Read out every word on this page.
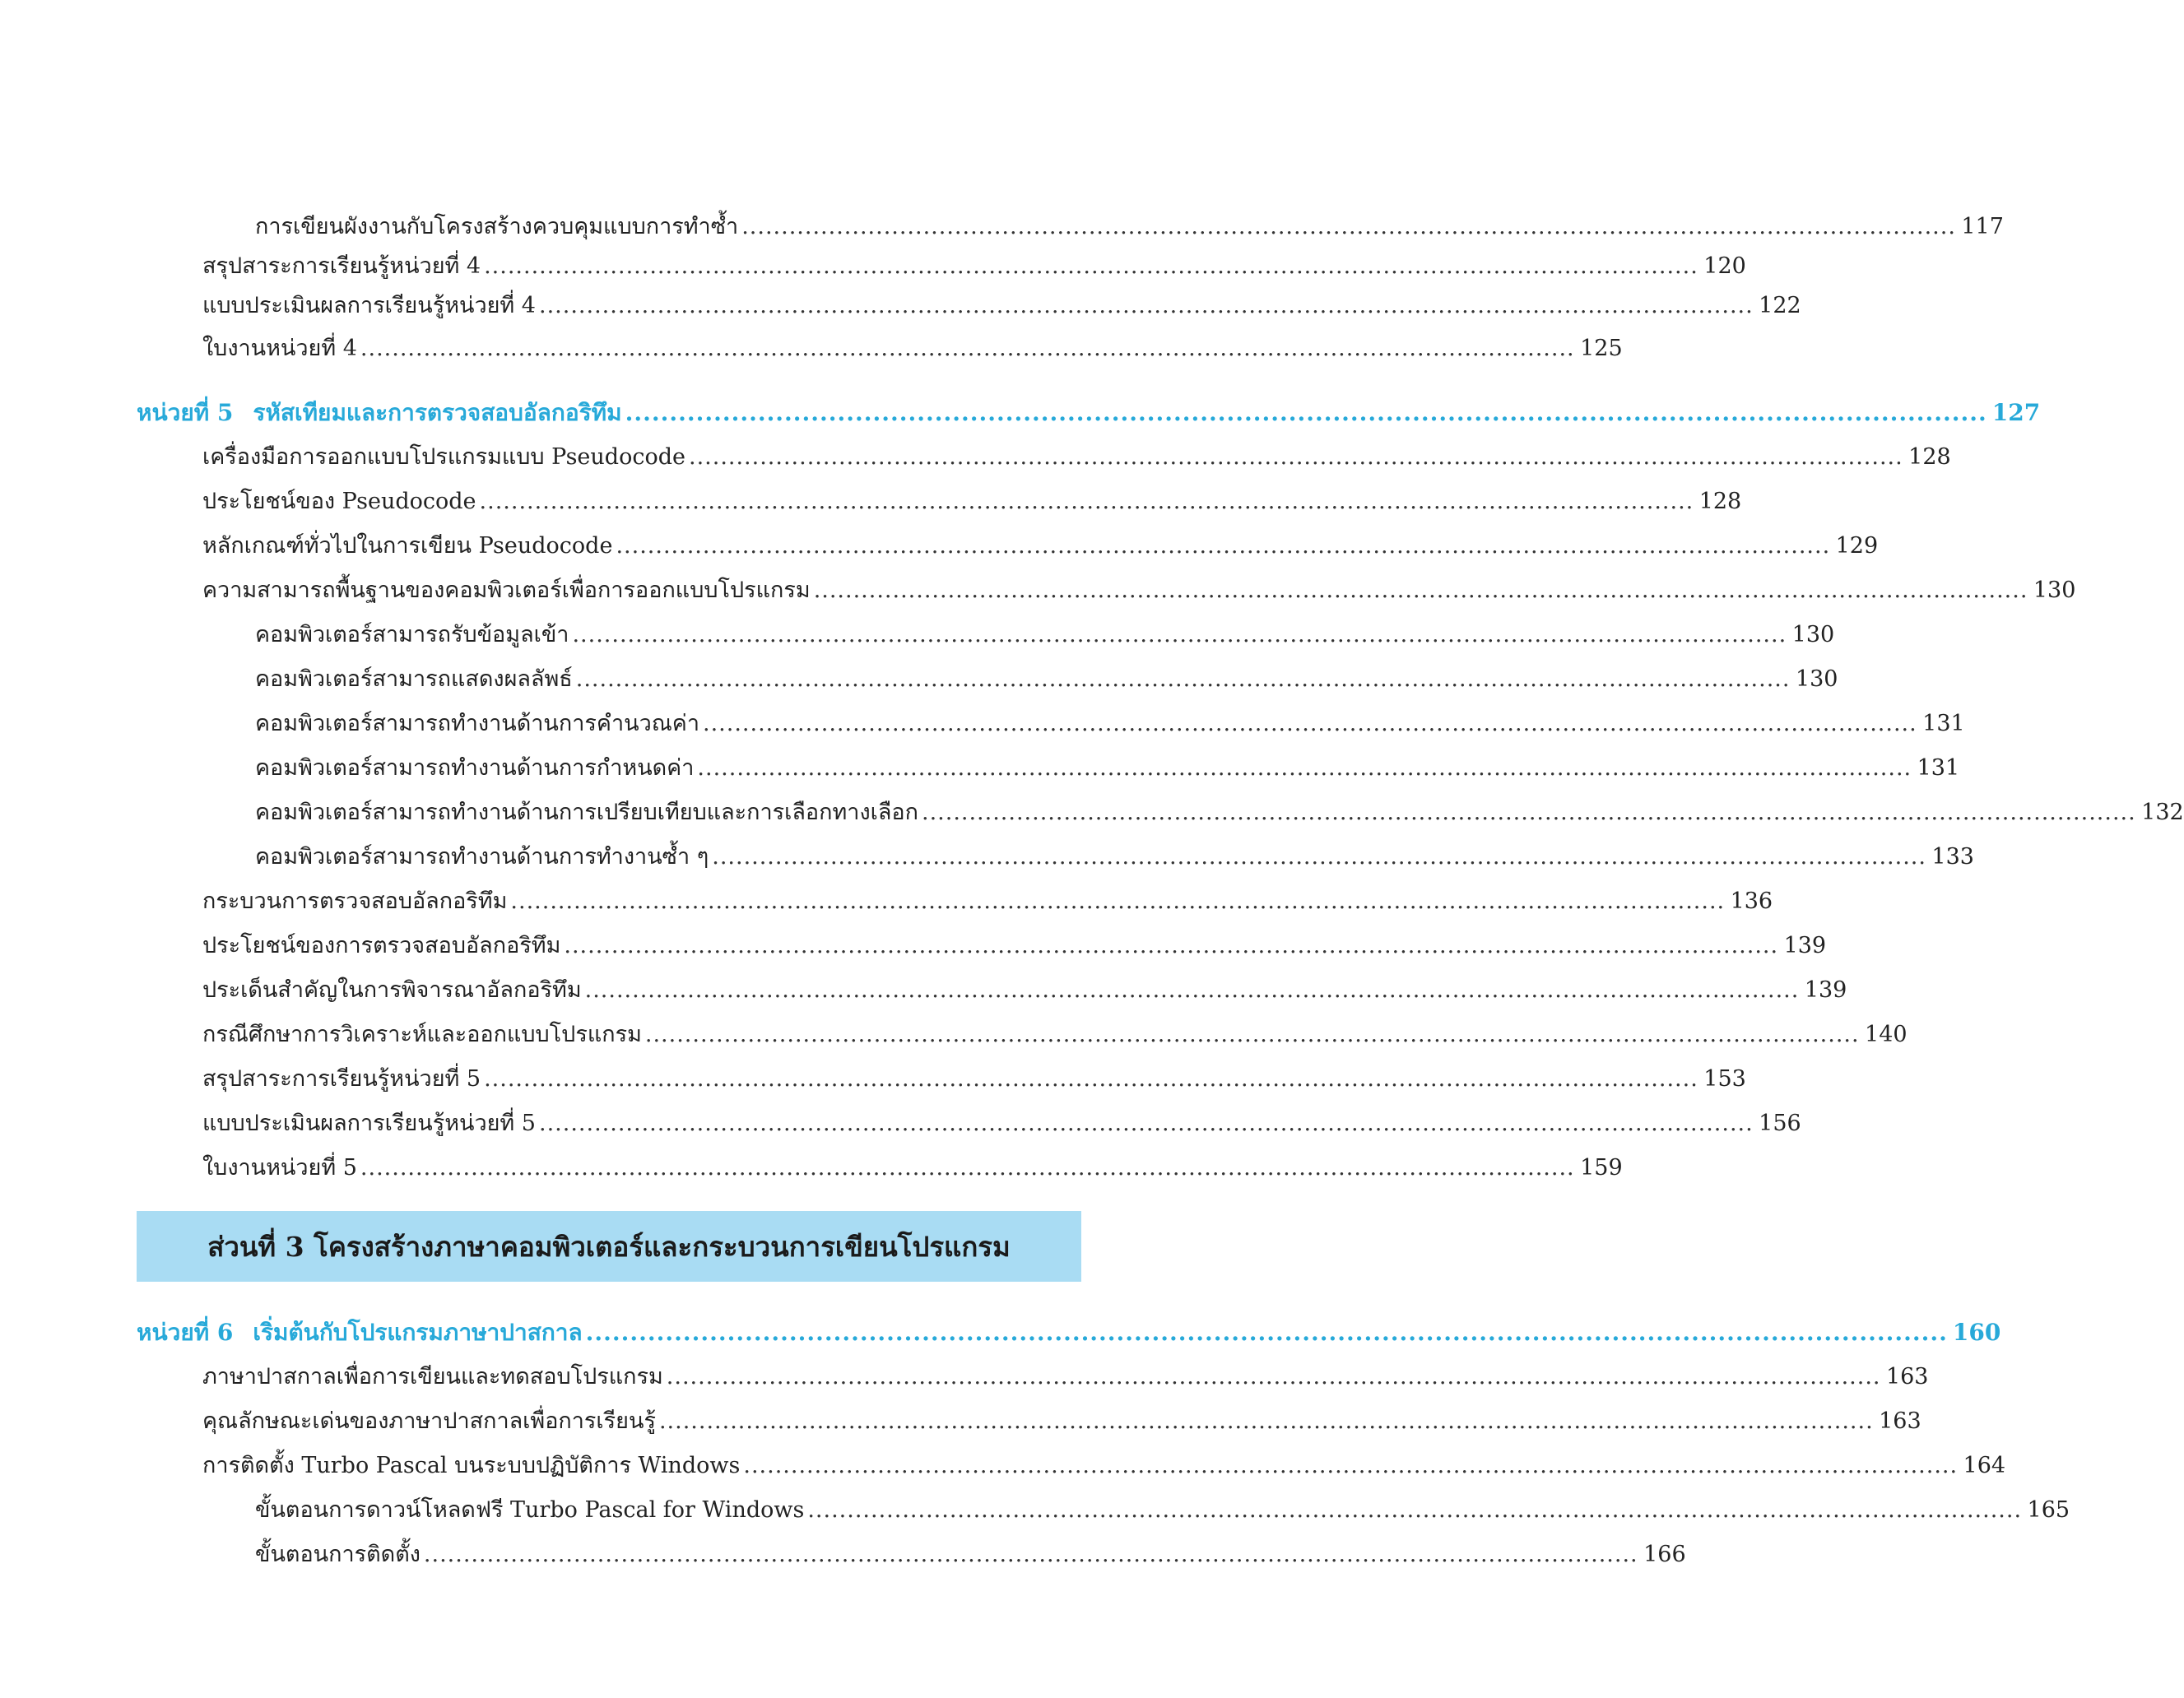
การเขียนผังงานกับโครงสร้างควบคุมแบบการทำซ้ำ .......................................................................................................................................................... 117
สรุปสาระการเรียนรู้หน่วยที่ 4 .......................................................................................................................................................... 120
แบบประเมินผลการเรียนรู้หน่วยที่ 4 .......................................................................................................................................................... 122
ใบงานหน่วยที่ 4 .......................................................................................................................................................... 125
หน่วยที่ 5 รหัสเทียมและการตรวจสอบอัลกอริทึม .......................................................................................................................................................... 127
เครื่องมือการออกแบบโปรแกรมแบบ Pseudocode .......................................................................................................................................................... 128
ประโยชน์ของ Pseudocode .......................................................................................................................................................... 128
หลักเกณฑ์ทั่วไปในการเขียน Pseudocode .......................................................................................................................................................... 129
ความสามารถพื้นฐานของคอมพิวเตอร์เพื่อการออกแบบโปรแกรม .......................................................................................................................................................... 130
คอมพิวเตอร์สามารถรับข้อมูลเข้า .......................................................................................................................................................... 130
คอมพิวเตอร์สามารถแสดงผลลัพธ์ .......................................................................................................................................................... 130
คอมพิวเตอร์สามารถทำงานด้านการคำนวณค่า .......................................................................................................................................................... 131
คอมพิวเตอร์สามารถทำงานด้านการกำหนดค่า .......................................................................................................................................................... 131
คอมพิวเตอร์สามารถทำงานด้านการเปรียบเทียบและการเลือกทางเลือก .......................................................................................................................................................... 132
คอมพิวเตอร์สามารถทำงานด้านการทำงานซ้ำ ๆ .......................................................................................................................................................... 133
กระบวนการตรวจสอบอัลกอริทึม .......................................................................................................................................................... 136
ประโยชน์ของการตรวจสอบอัลกอริทึม .......................................................................................................................................................... 139
ประเด็นสำคัญในการพิจารณาอัลกอริทึม .......................................................................................................................................................... 139
กรณีศึกษาการวิเคราะห์และออกแบบโปรแกรม .......................................................................................................................................................... 140
สรุปสาระการเรียนรู้หน่วยที่ 5 .......................................................................................................................................................... 153
แบบประเมินผลการเรียนรู้หน่วยที่ 5 .......................................................................................................................................................... 156
ใบงานหน่วยที่ 5 .......................................................................................................................................................... 159
ส่วนที่ 3 โครงสร้างภาษาคอมพิวเตอร์และกระบวนการเขียนโปรแกรม
หน่วยที่ 6 เริ่มต้นกับโปรแกรมภาษาปาสกาล .......................................................................................................................................................... 160
ภาษาปาสกาลเพื่อการเขียนและทดสอบโปรแกรม .......................................................................................................................................................... 163
คุณลักษณะเด่นของภาษาปาสกาลเพื่อการเรียนรู้ .......................................................................................................................................................... 163
การติดตั้ง Turbo Pascal บนระบบปฏิบัติการ Windows .......................................................................................................................................................... 164
ขั้นตอนการดาวน์โหลดฟรี Turbo Pascal for Windows .......................................................................................................................................................... 165
ขั้นตอนการติดตั้ง .......................................................................................................................................................... 166
